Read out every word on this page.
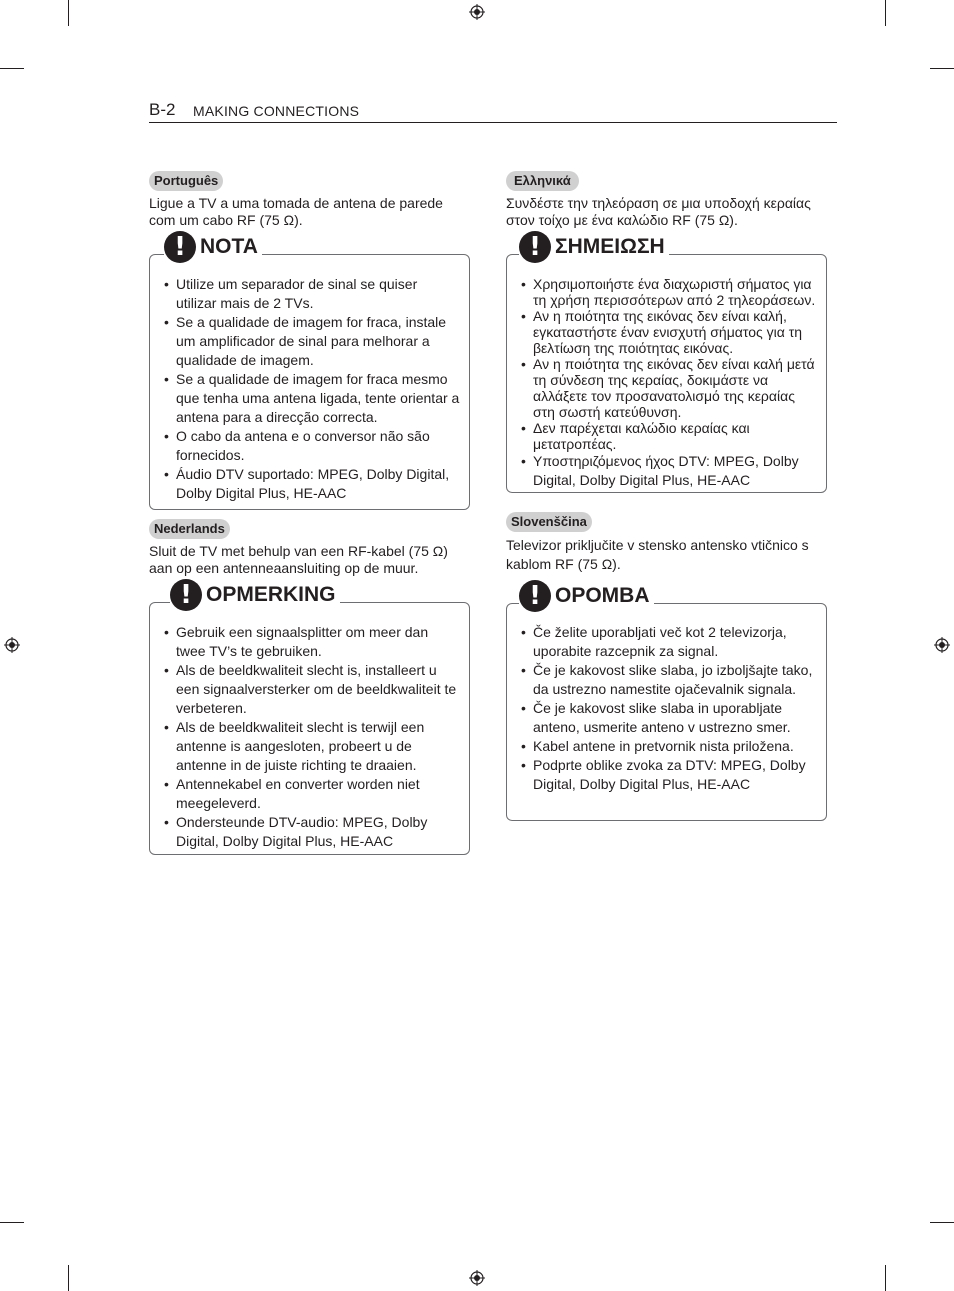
B-2 MAKING CONNECTIONS
Português
Ligue a TV a uma tomada de antena de parede com um cabo RF (75 Ω).
! NOTA
• Utilize um separador de sinal se quiser utilizar mais de 2 TVs.
• Se a qualidade de imagem for fraca, instale um amplificador de sinal para melhorar a qualidade de imagem.
• Se a qualidade de imagem for fraca mesmo que tenha uma antena ligada, tente orientar a antena para a direcção correcta.
• O cabo da antena e o conversor não são fornecidos.
• Áudio DTV suportado: MPEG, Dolby Digital, Dolby Digital Plus, HE-AAC
Nederlands
Sluit de TV met behulp van een RF-kabel (75 Ω) aan op een antenneaansluiting op de muur.
! OPMERKING
• Gebruik een signaalsplitter om meer dan twee TV’s te gebruiken.
• Als de beeldkwaliteit slecht is, installeert u een signaalversterker om de beeldkwaliteit te verbeteren.
• Als de beeldkwaliteit slecht is terwijl een antenne is aangesloten, probeert u de antenne in de juiste richting te draaien.
• Antennekabel en converter worden niet meegeleverd.
• Ondersteunde DTV-audio: MPEG, Dolby Digital, Dolby Digital Plus, HE-AAC
Ελληνικά
Συνδέστε την τηλεόραση σε μια υποδοχή κεραίας στον τοίχο με ένα καλώδιο RF (75 Ω).
! ΣΗΜΕΙΩΣΗ
• Χρησιμοποιήστε ένα διαχωριστή σήματος για τη χρήση περισσότερων από 2 τηλεοράσεων.
• Αν η ποιότητα της εικόνας δεν είναι καλή, εγκαταστήστε έναν ενισχυτή σήματος για τη βελτίωση της ποιότητας εικόνας.
• Αν η ποιότητα της εικόνας δεν είναι καλή μετά τη σύνδεση της κεραίας, δοκιμάστε να αλλάξετε τον προσανατολισμό της κεραίας στη σωστή κατεύθυνση.
• Δεν παρέχεται καλώδιο κεραίας και μετατροπέας.
• Υποστηριζόμενος ήχος DTV: MPEG, Dolby Digital, Dolby Digital Plus, HE-AAC
Slovenščina
Televizor priključite v stensko antensko vtičnico s kablom RF (75 Ω).
! OPOMBA
• Če želite uporabljati več kot 2 televizorja, uporabite razcepnik za signal.
• Če je kakovost slike slaba, jo izboljšajte tako, da ustrezno namestite ojačevalnik signala.
• Če je kakovost slike slaba in uporabljate anteno, usmerite anteno v ustrezno smer.
• Kabel antene in pretvornik nista priložena.
• Podprte oblike zvoka za DTV: MPEG, Dolby Digital, Dolby Digital Plus, HE-AAC
